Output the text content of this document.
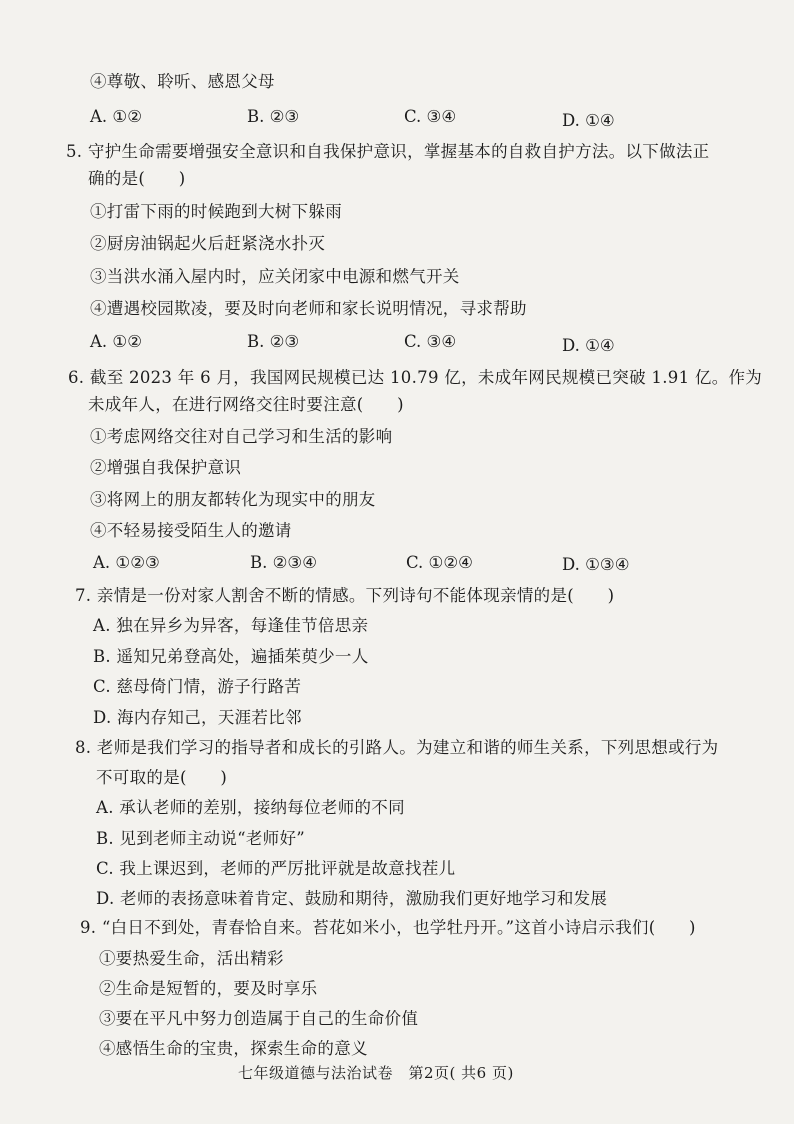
④尊敬、聆听、感恩父母
A. ①②	B. ②③	C. ③④	D. ①④
5. 守护生命需要增强安全意识和自我保护意识，掌握基本的自救自护方法。以下做法正
确的是(　　)
①打雷下雨的时候跑到大树下躲雨
②厨房油锅起火后赶紧浇水扑灭
③当洪水涌入屋内时，应关闭家中电源和燃气开关
④遭遇校园欺凌，要及时向老师和家长说明情况，寻求帮助
A. ①②	B. ②③	C. ③④	D. ①④
6. 截至 2023 年 6 月，我国网民规模已达 10.79 亿，未成年网民规模已突破 1.91 亿。作为
未成年人，在进行网络交往时要注意(　　)
①考虑网络交往对自己学习和生活的影响
②增强自我保护意识
③将网上的朋友都转化为现实中的朋友
④不轻易接受陌生人的邀请
A. ①②③	B. ②③④	C. ①②④	D. ①③④
7. 亲情是一份对家人割舍不断的情感。下列诗句不能体现亲情的是(　　)
A. 独在异乡为异客，每逢佳节倍思亲
B. 遥知兄弟登高处，遍插茱萸少一人
C. 慈母倚门情，游子行路苦
D. 海内存知己，天涯若比邻
8. 老师是我们学习的指导者和成长的引路人。为建立和谐的师生关系，下列思想或行为
不可取的是(　　)
A. 承认老师的差别，接纳每位老师的不同
B. 见到老师主动说“老师好”
C. 我上课迟到，老师的严厉批评就是故意找茬儿
D. 老师的表扬意味着肯定、鼓励和期待，激励我们更好地学习和发展
9. “白日不到处，青春恰自来。苔花如米小，也学牡丹开。”这首小诗启示我们(　　)
①要热爱生命，活出精彩
②生命是短暂的，要及时享乐
③要在平凡中努力创造属于自己的生命价值
④感悟生命的宝贵，探索生命的意义
七年级道德与法治试卷　第2页( 共6 页)
